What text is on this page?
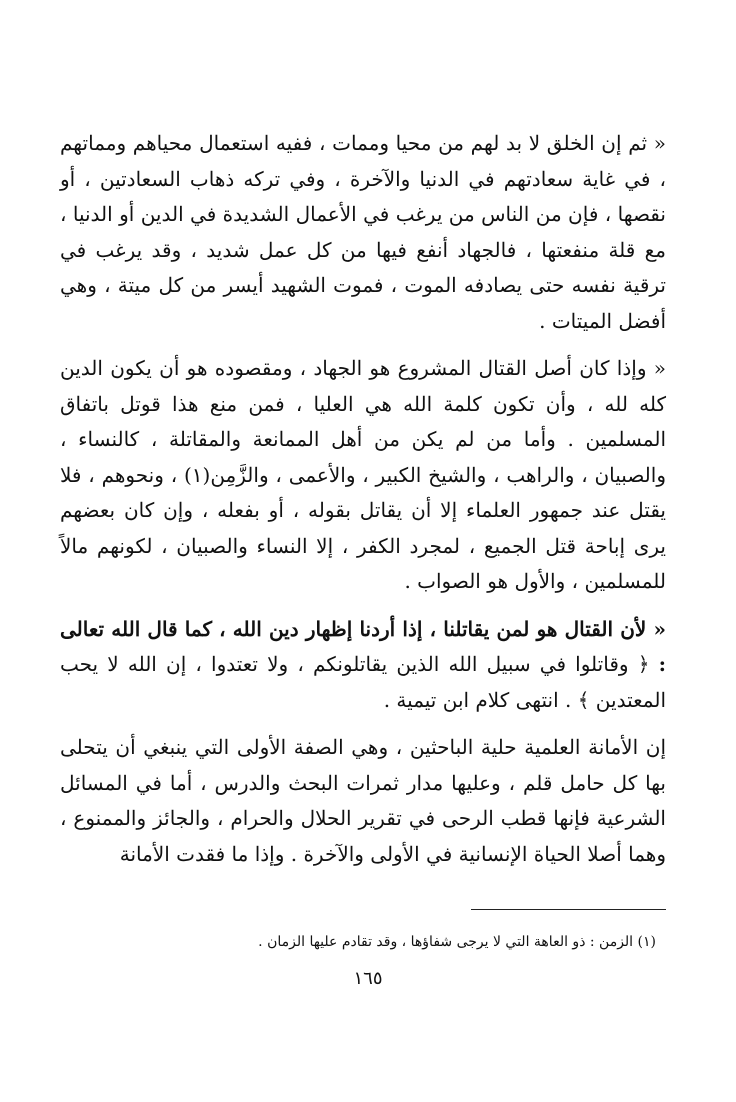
« ثم إن الخلق لا بد لهم من محيا وممات ، ففيه استعمال محياهم ومماتهم ، في غاية سعادتهم في الدنيا والآخرة ، وفي تركه ذهاب السعادتين ، أو نقصها ، فإن من الناس من يرغب في الأعمال الشديدة في الدين أو الدنيا ، مع قلة منفعتها ، فالجهاد أنفع فيها من كل عمل شديد ، وقد يرغب في ترقية نفسه حتى يصادفه الموت ، فموت الشهيد أيسر من كل ميتة ، وهي أفضل الميتات .

« وإذا كان أصل القتال المشروع هو الجهاد ، ومقصوده هو أن يكون الدين كله لله ، وأن تكون كلمة الله هي العليا ، فمن منع هذا قوتل باتفاق المسلمين . وأما من لم يكن من أهل الممانعة والمقاتلة ، كالنساء ، والصبيان ، والراهب ، والشيخ الكبير ، والأعمى ، والزَّمِن(١) ، ونحوهم ، فلا يقتل عند جمهور العلماء إلا أن يقاتل بقوله ، أو بفعله ، وإن كان بعضهم يرى إباحة قتل الجميع ، لمجرد الكفر ، إلا النساء والصبيان ، لكونهم مالاً للمسلمين ، والأول هو الصواب .

« لأن القتال هو لمن يقاتلنا ، إذا أردنا إظهار دين الله ، كما قال الله تعالى : ﴿ وقاتلوا في سبيل الله الذين يقاتلونكم ، ولا تعتدوا ، إن الله لا يحب المعتدين ﴾ . انتهى كلام ابن تيمية .

إن الأمانة العلمية حلية الباحثين ، وهي الصفة الأولى التي ينبغي أن يتحلى بها كل حامل قلم ، وعليها مدار ثمرات البحث والدرس ، أما في المسائل الشرعية فإنها قطب الرحى في تقرير الحلال والحرام ، والجائز والممنوع ، وهما أصلا الحياة الإنسانية في الأولى والآخرة . وإذا ما فقدت الأمانة

(١) الزمن : ذو العاهة التي لا يرجى شفاؤها ، وقد تقادم عليها الزمان .

١٦٥
